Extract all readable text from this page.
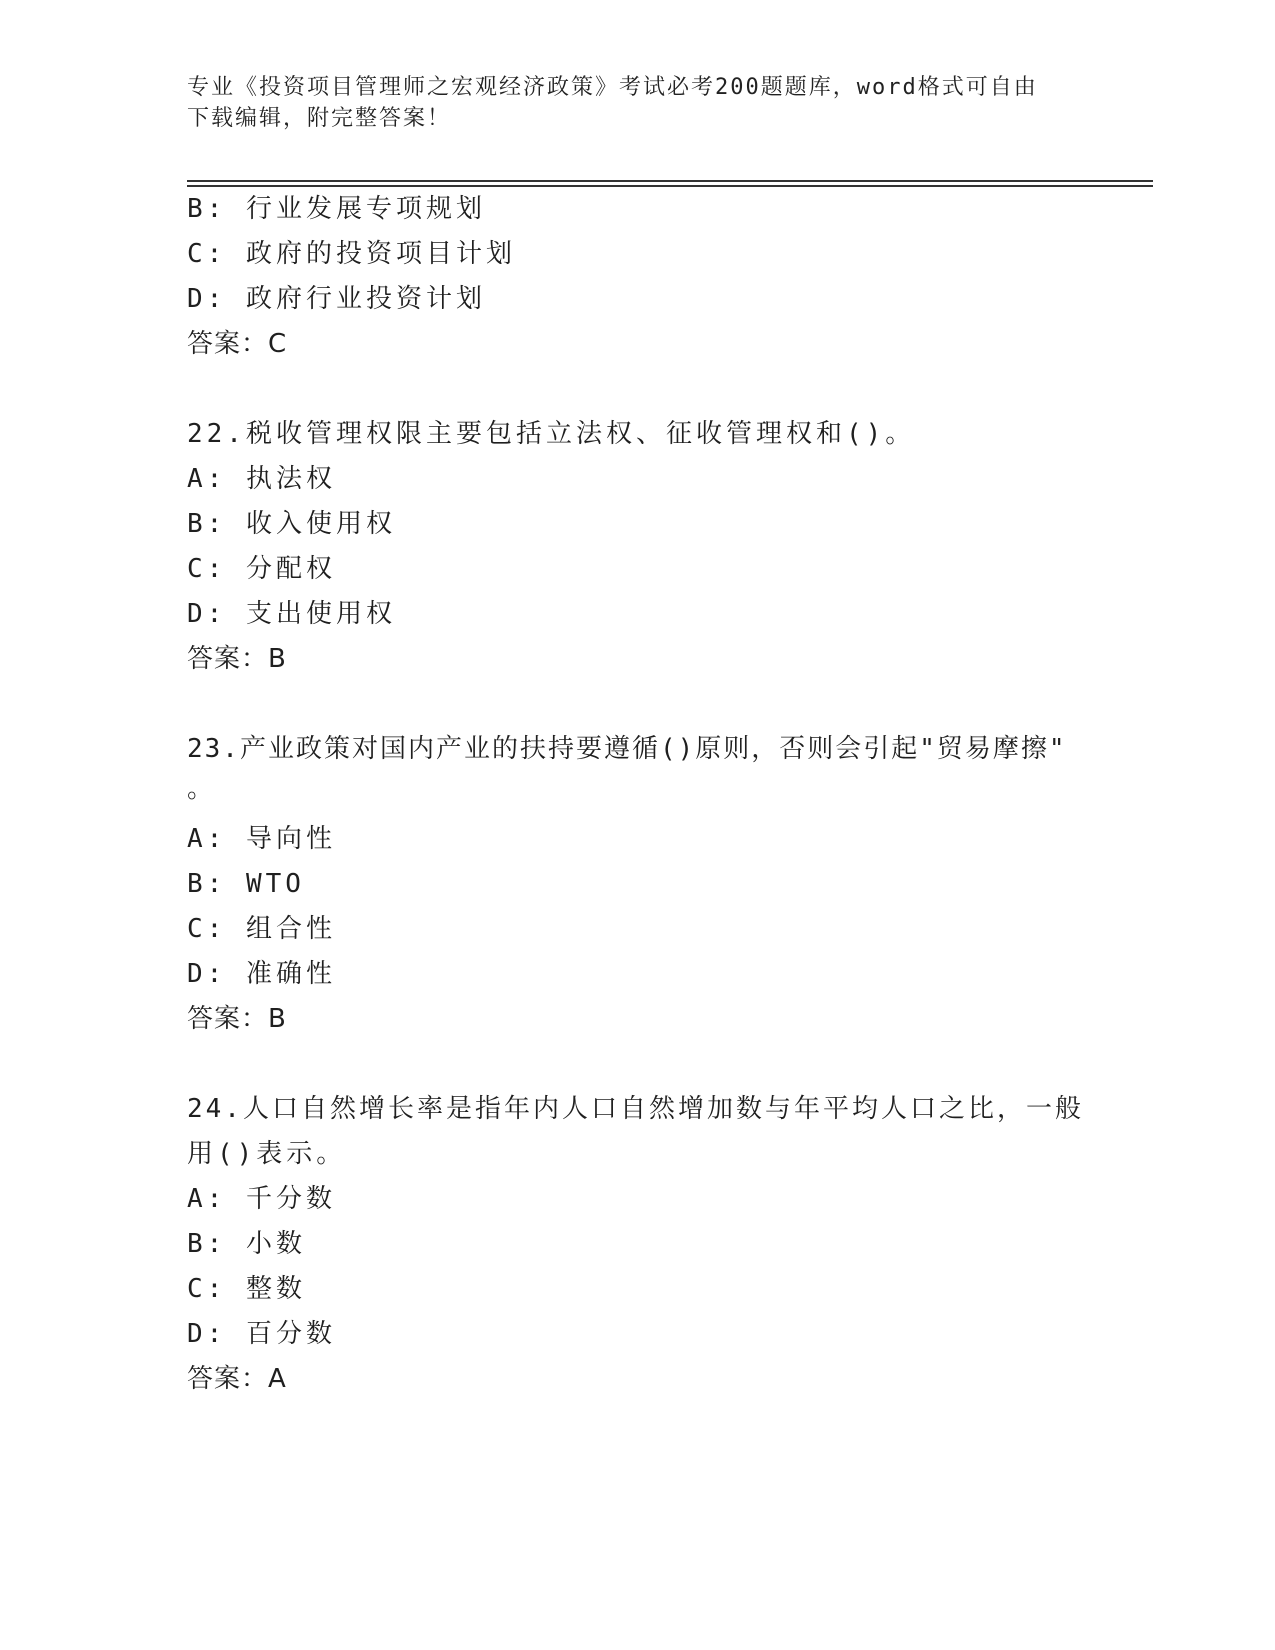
专业《投资项目管理师之宏观经济政策》考试必考200题题库，word格式可自由
下载编辑，附完整答案！
B: 行业发展专项规划
C: 政府的投资项目计划
D: 政府行业投资计划
答案：C
22.税收管理权限主要包括立法权、征收管理权和()。
A: 执法权
B: 收入使用权
C: 分配权
D: 支出使用权
答案：B
23.产业政策对国内产业的扶持要遵循()原则，否则会引起"贸易摩擦"
。
A: 导向性
B: WTO
C: 组合性
D: 准确性
答案：B
24.人口自然增长率是指年内人口自然增加数与年平均人口之比，一般
用()表示。
A: 千分数
B: 小数
C: 整数
D: 百分数
答案：A
